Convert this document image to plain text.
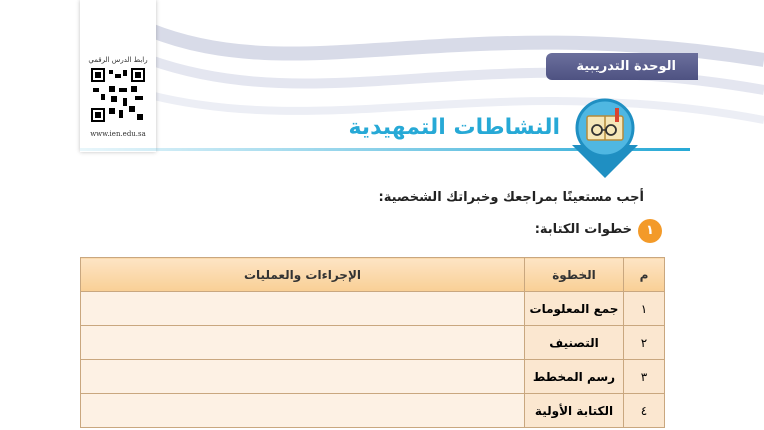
رابط الدرس الرقمي
www.ien.edu.sa
الوحدة التدريبية الرابعة
النشاطات التمهيدية
أجب مستعينًا بمراجعك وخبراتك الشخصية:
١
خطوات الكتابة:
م	الخطوة	الإجراءات والعمليات
١	جمع المعلومات	
٢	التصنيف	
٣	رسم المخطط	
٤	الكتابة الأولية	
